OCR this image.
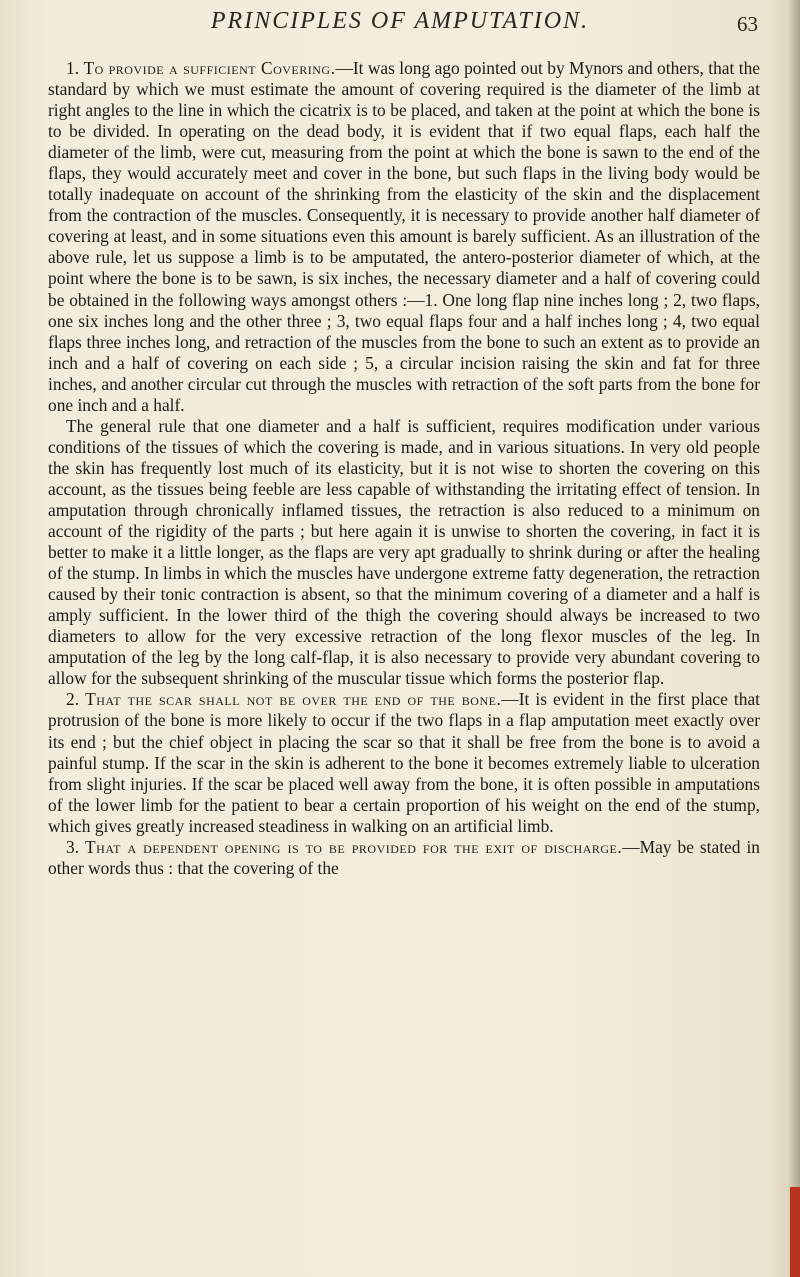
PRINCIPLES OF AMPUTATION.	63

1. To provide a sufficient Covering.—It was long ago pointed out by Mynors and others, that the standard by which we must estimate the amount of covering required is the diameter of the limb at right angles to the line in which the cicatrix is to be placed, and taken at the point at which the bone is to be divided. In operating on the dead body, it is evident that if two equal flaps, each half the diameter of the limb, were cut, measuring from the point at which the bone is sawn to the end of the flaps, they would accurately meet and cover in the bone, but such flaps in the living body would be totally inadequate on account of the shrinking from the elasticity of the skin and the displacement from the contraction of the muscles. Consequently, it is necessary to provide another half diameter of covering at least, and in some situations even this amount is barely sufficient. As an illustration of the above rule, let us suppose a limb is to be amputated, the antero-posterior diameter of which, at the point where the bone is to be sawn, is six inches, the necessary diameter and a half of covering could be obtained in the following ways amongst others :—1. One long flap nine inches long ; 2, two flaps, one six inches long and the other three ; 3, two equal flaps four and a half inches long ; 4, two equal flaps three inches long, and retraction of the muscles from the bone to such an extent as to provide an inch and a half of covering on each side ; 5, a circular incision raising the skin and fat for three inches, and another circular cut through the muscles with retraction of the soft parts from the bone for one inch and a half.

The general rule that one diameter and a half is sufficient, requires modification under various conditions of the tissues of which the covering is made, and in various situations. In very old people the skin has frequently lost much of its elasticity, but it is not wise to shorten the covering on this account, as the tissues being feeble are less capable of withstanding the irritating effect of tension. In amputation through chronically inflamed tissues, the retraction is also reduced to a minimum on account of the rigidity of the parts ; but here again it is unwise to shorten the covering, in fact it is better to make it a little longer, as the flaps are very apt gradually to shrink during or after the healing of the stump. In limbs in which the muscles have undergone extreme fatty degeneration, the retraction caused by their tonic contraction is absent, so that the minimum covering of a diameter and a half is amply sufficient. In the lower third of the thigh the covering should always be increased to two diameters to allow for the very excessive retraction of the long flexor muscles of the leg. In amputation of the leg by the long calf-flap, it is also necessary to provide very abundant covering to allow for the subsequent shrinking of the muscular tissue which forms the posterior flap.

2. That the scar shall not be over the end of the bone.—It is evident in the first place that protrusion of the bone is more likely to occur if the two flaps in a flap amputation meet exactly over its end ; but the chief object in placing the scar so that it shall be free from the bone is to avoid a painful stump. If the scar in the skin is adherent to the bone it becomes extremely liable to ulceration from slight injuries. If the scar be placed well away from the bone, it is often possible in amputations of the lower limb for the patient to bear a certain proportion of his weight on the end of the stump, which gives greatly increased steadiness in walking on an artificial limb.

3. That a dependent opening is to be provided for the exit of discharge.—May be stated in other words thus : that the covering of the
